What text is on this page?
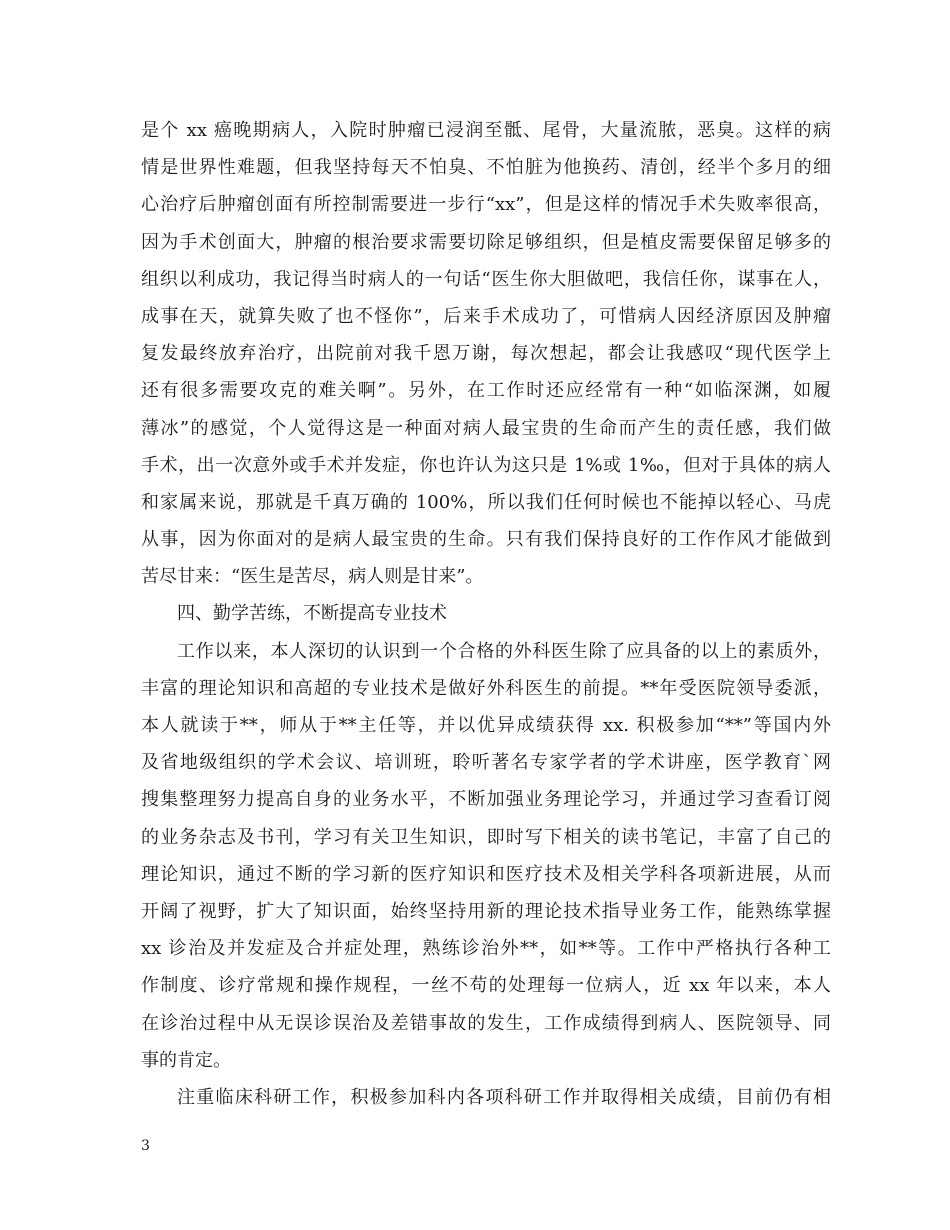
是个 xx 癌晚期病人，入院时肿瘤已浸润至骶、尾骨，大量流脓，恶臭。这样的病
情是世界性难题，但我坚持每天不怕臭、不怕脏为他换药、清创，经半个多月的细
心治疗后肿瘤创面有所控制需要进一步行“xx”，但是这样的情况手术失败率很高，
因为手术创面大，肿瘤的根治要求需要切除足够组织，但是植皮需要保留足够多的
组织以利成功，我记得当时病人的一句话“医生你大胆做吧，我信任你，谋事在人，
成事在天，就算失败了也不怪你”，后来手术成功了，可惜病人因经济原因及肿瘤
复发最终放弃治疗，出院前对我千恩万谢，每次想起，都会让我感叹“现代医学上
还有很多需要攻克的难关啊”。另外，在工作时还应经常有一种“如临深渊，如履
薄冰”的感觉，个人觉得这是一种面对病人最宝贵的生命而产生的责任感，我们做
手术，出一次意外或手术并发症，你也许认为这只是 1%或 1‰，但对于具体的病人
和家属来说，那就是千真万确的 100%，所以我们任何时候也不能掉以轻心、马虎
从事，因为你面对的是病人最宝贵的生命。只有我们保持良好的工作作风才能做到
苦尽甘来：“医生是苦尽，病人则是甘来”。
四、勤学苦练，不断提高专业技术
工作以来，本人深切的认识到一个合格的外科医生除了应具备的以上的素质外，
丰富的理论知识和高超的专业技术是做好外科医生的前提。**年受医院领导委派，
本人就读于**，师从于**主任等，并以优异成绩获得 xx. 积极参加“**”等国内外
及省地级组织的学术会议、培训班，聆听著名专家学者的学术讲座，医学教育`网
搜集整理努力提高自身的业务水平，不断加强业务理论学习，并通过学习查看订阅
的业务杂志及书刊，学习有关卫生知识，即时写下相关的读书笔记，丰富了自己的
理论知识，通过不断的学习新的医疗知识和医疗技术及相关学科各项新进展，从而
开阔了视野，扩大了知识面，始终坚持用新的理论技术指导业务工作，能熟练掌握
xx 诊治及并发症及合并症处理，熟练诊治外**，如**等。工作中严格执行各种工
作制度、诊疗常规和操作规程，一丝不苟的处理每一位病人，近 xx 年以来，本人
在诊治过程中从无误诊误治及差错事故的发生，工作成绩得到病人、医院领导、同
事的肯定。
注重临床科研工作，积极参加科内各项科研工作并取得相关成绩，目前仍有相
3
